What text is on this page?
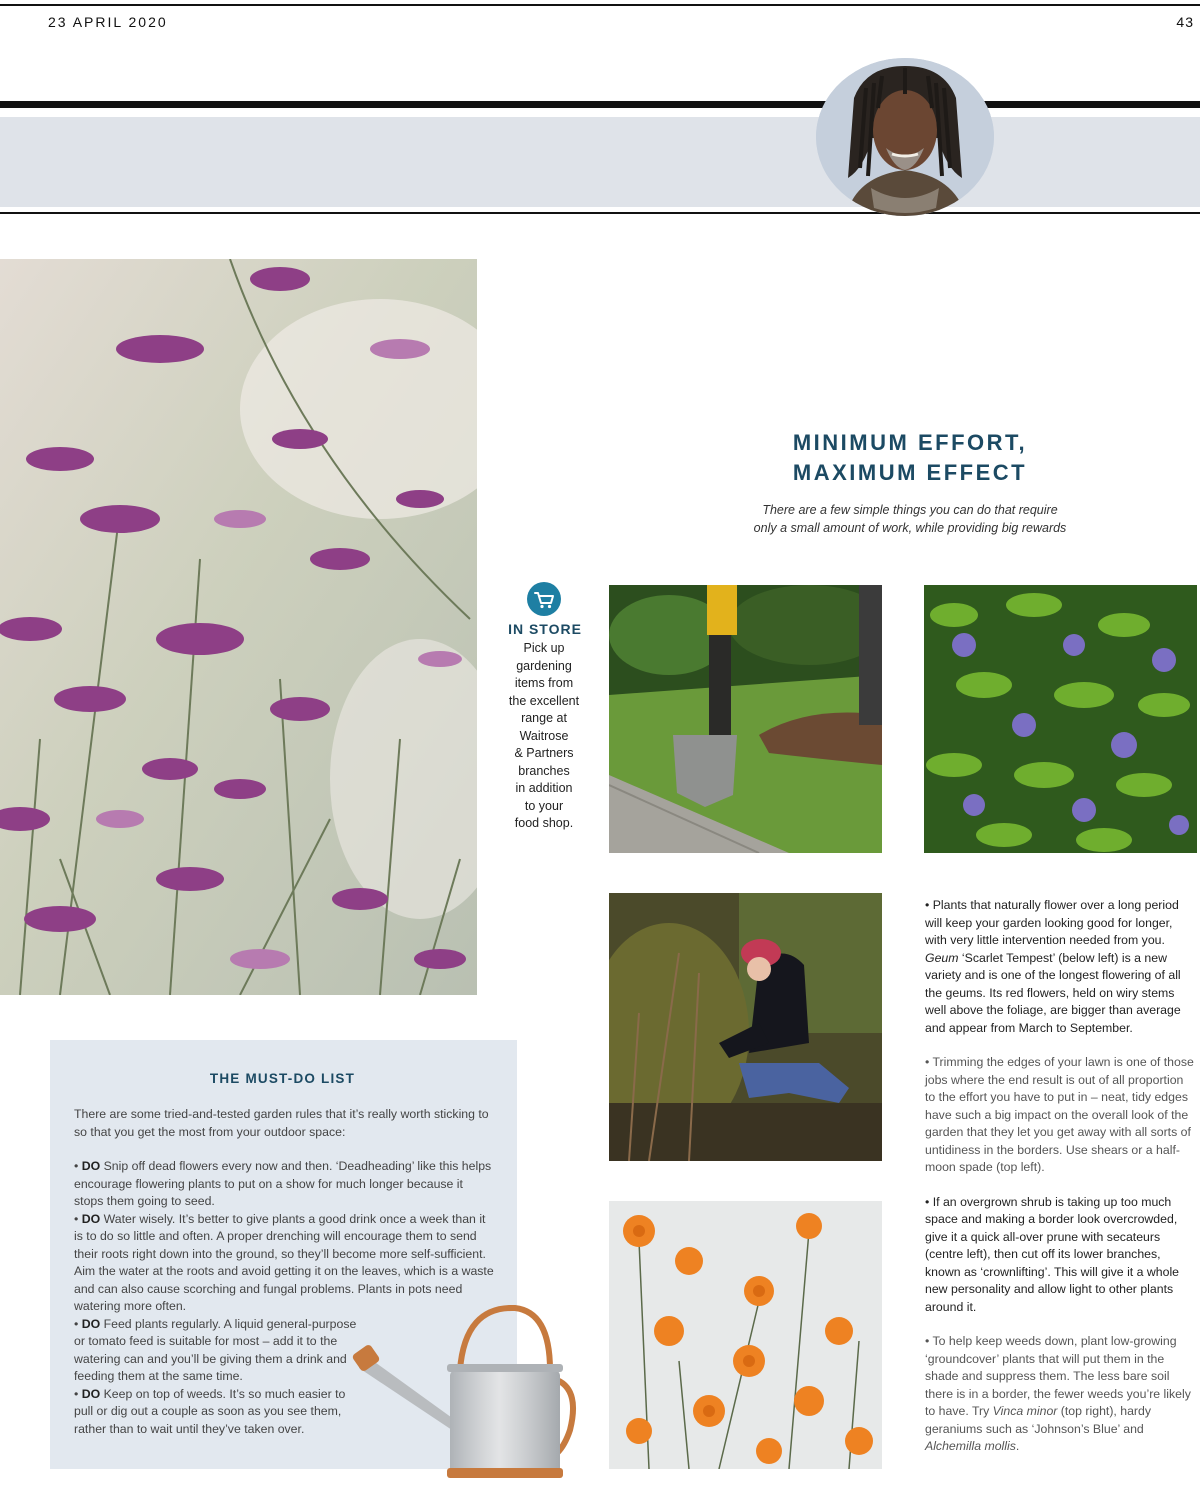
23 APRIL 2020	43
MINIMUM EFFORT,
MAXIMUM EFFECT
There are a few simple things you can do that require
only a small amount of work, while providing big rewards
IN STORE
Pick up
gardening
items from
the excellent
range at
Waitrose
& Partners
branches
in addition
to your
food shop.
THE MUST-DO LIST

There are some tried-and-tested garden rules that it’s really worth sticking to so that you get the most from your outdoor space:

• DO Snip off dead flowers every now and then. ‘Deadheading’ like this helps encourage flowering plants to put on a show for much longer because it stops them going to seed.

• DO Water wisely. It’s better to give plants a good drink once a week than it is to do so little and often. A proper drenching will encourage them to send their roots right down into the ground, so they’ll become more self-sufficient. Aim the water at the roots and avoid getting it on the leaves, which is a waste and can also cause scorching and fungal problems. Plants in pots need watering more often.

• DO Feed plants regularly. A liquid general-purpose or tomato feed is suitable for most – add it to the watering can and you’ll be giving them a drink and feeding them at the same time.

• DO Keep on top of weeds. It’s so much easier to pull or dig out a couple as soon as you see them, rather than to wait until they’ve taken over.

• Plants that naturally flower over a long period will keep your garden looking good for longer, with very little intervention needed from you. Geum ‘Scarlet Tempest’ (below left) is a new variety and is one of the longest flowering of all the geums. Its red flowers, held on wiry stems well above the foliage, are bigger than average and appear from March to September.

• Trimming the edges of your lawn is one of those jobs where the end result is out of all proportion to the effort you have to put in – neat, tidy edges have such a big impact on the overall look of the garden that they let you get away with all sorts of untidiness in the borders. Use shears or a half-moon spade (top left).

• If an overgrown shrub is taking up too much space and making a border look overcrowded, give it a quick all-over prune with secateurs (centre left), then cut off its lower branches, known as ‘crownlifting’. This will give it a whole new personality and allow light to other plants around it.

• To help keep weeds down, plant low-growing ‘groundcover’ plants that will put them in the shade and suppress them. The less bare soil there is in a border, the fewer weeds you’re likely to have. Try Vinca minor (top right), hardy geraniums such as ‘Johnson’s Blue’ and Alchemilla mollis.
